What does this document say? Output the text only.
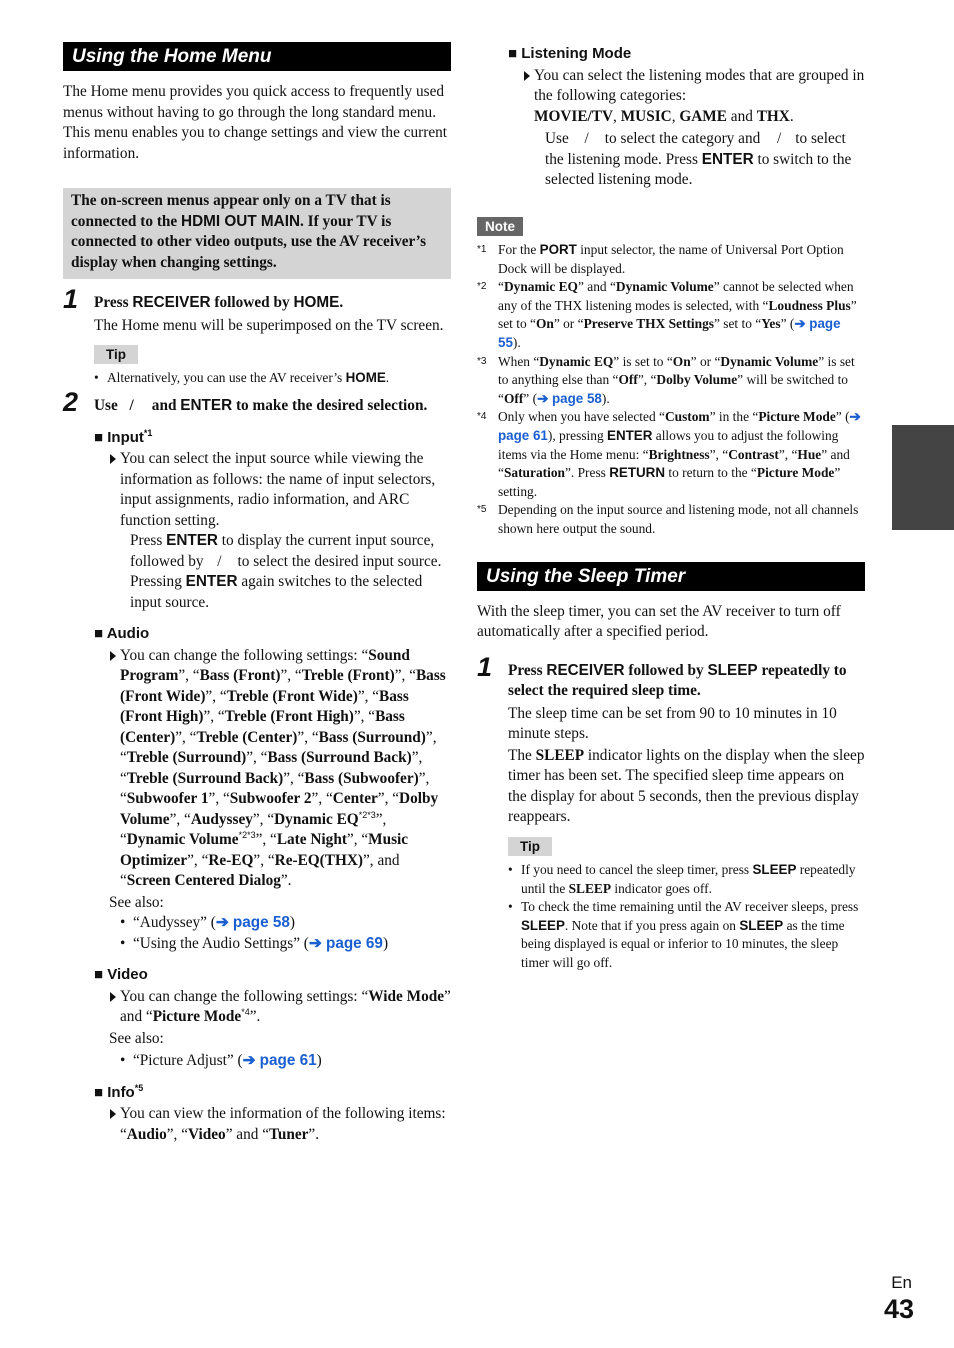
Using the Home Menu

The Home menu provides you quick access to frequently used menus without having to go through the long standard menu. This menu enables you to change settings and view the current information.

The on-screen menus appear only on a TV that is connected to the HDMI OUT MAIN. If your TV is connected to other video outputs, use the AV receiver’s display when changing settings.
1 Press RECEIVER followed by HOME.

The Home menu will be superimposed on the TV screen.

Tip
• Alternatively, you can use the AV receiver’s HOME.
2 Use / and ENTER to make the desired selection.
■ Input$^{*1}$

You can select the input source while viewing the information as follows: the name of input selectors, input assignments, radio information, and ARC function setting.

Press ENTER to display the current input source, followed by / to select the desired input source. Pressing ENTER again switches to the selected input source.

■ Audio

You can change the following settings: “Sound Program”, “Bass (Front)”, “Treble (Front)”, “Bass (Front Wide)”, “Treble (Front Wide)”, “Bass (Front High)”, “Treble (Front High)”, “Bass (Center)”, “Treble (Center)”, “Bass (Surround)”, “Treble (Surround)”, “Bass (Surround Back)”, “Treble (Surround Back)”, “Bass (Subwoofer)”, “Subwoofer 1”, “Subwoofer 2”, “Center”, “Dolby Volume”, “Audyssey”, “Dynamic $EQ^{*2*3}$”, “Dynamic Volume$^{*2*3}$”, “Late Night”, “Music Optimizer”, “Re-EQ”, “Re-EQ(THX)”, and “Screen Centered Dialog”.

See also:

• “Audyssey” (➔ page 58)
• “Using the Audio Settings” (➔ page 69)
■ Video

You can change the following settings: “Wide Mode” and “Picture Mode$^{*4}$”.

See also:

• “Picture Adjust” (➔ page 61)
■ Info$^{*5}$

You can view the information of the following items: “Audio”, “Video” and “Tuner”.

■ Listening Mode

You can select the listening modes that are grouped in the following categories:
MOVIE/TV, MUSIC, GAME and THX.

Use / to select the category and / to select the listening mode. Press ENTER to switch to the selected listening mode.

Note
*1 For the PORT input selector, the name of Universal Port Option Dock will be displayed.
*2 “Dynamic EQ” and “Dynamic Volume” cannot be selected when any of the THX listening modes is selected, with “Loudness Plus” set to “On” or “Preserve THX Settings” set to “Yes” (➔ page 55).
*3 When “Dynamic EQ” is set to “On” or “Dynamic Volume” is set to anything else than “Off”, “Dolby Volume” will be switched to “Off” (➔ page 58).
*4 Only when you have selected “Custom” in the “Picture Mode” (➔ page 61), pressing ENTER allows you to adjust the following items via the Home menu: “Brightness”, “Contrast”, “Hue” and “Saturation”. Press RETURN to return to the “Picture Mode” setting.
*5 Depending on the input source and listening mode, not all channels shown here output the sound.
Using the Sleep Timer

With the sleep timer, you can set the AV receiver to turn off automatically after a specified period.

1 Press RECEIVER followed by SLEEP repeatedly to select the required sleep time.

The sleep time can be set from 90 to 10 minutes in 10 minute steps.

The SLEEP indicator lights on the display when the sleep timer has been set. The specified sleep time appears on the display for about 5 seconds, then the previous display reappears.

Tip
• If you need to cancel the sleep timer, press SLEEP repeatedly until the SLEEP indicator goes off.
• To check the time remaining until the AV receiver sleeps, press SLEEP. Note that if you press again on SLEEP as the time being displayed is equal or inferior to 10 minutes, the sleep timer will go off.
En
43
